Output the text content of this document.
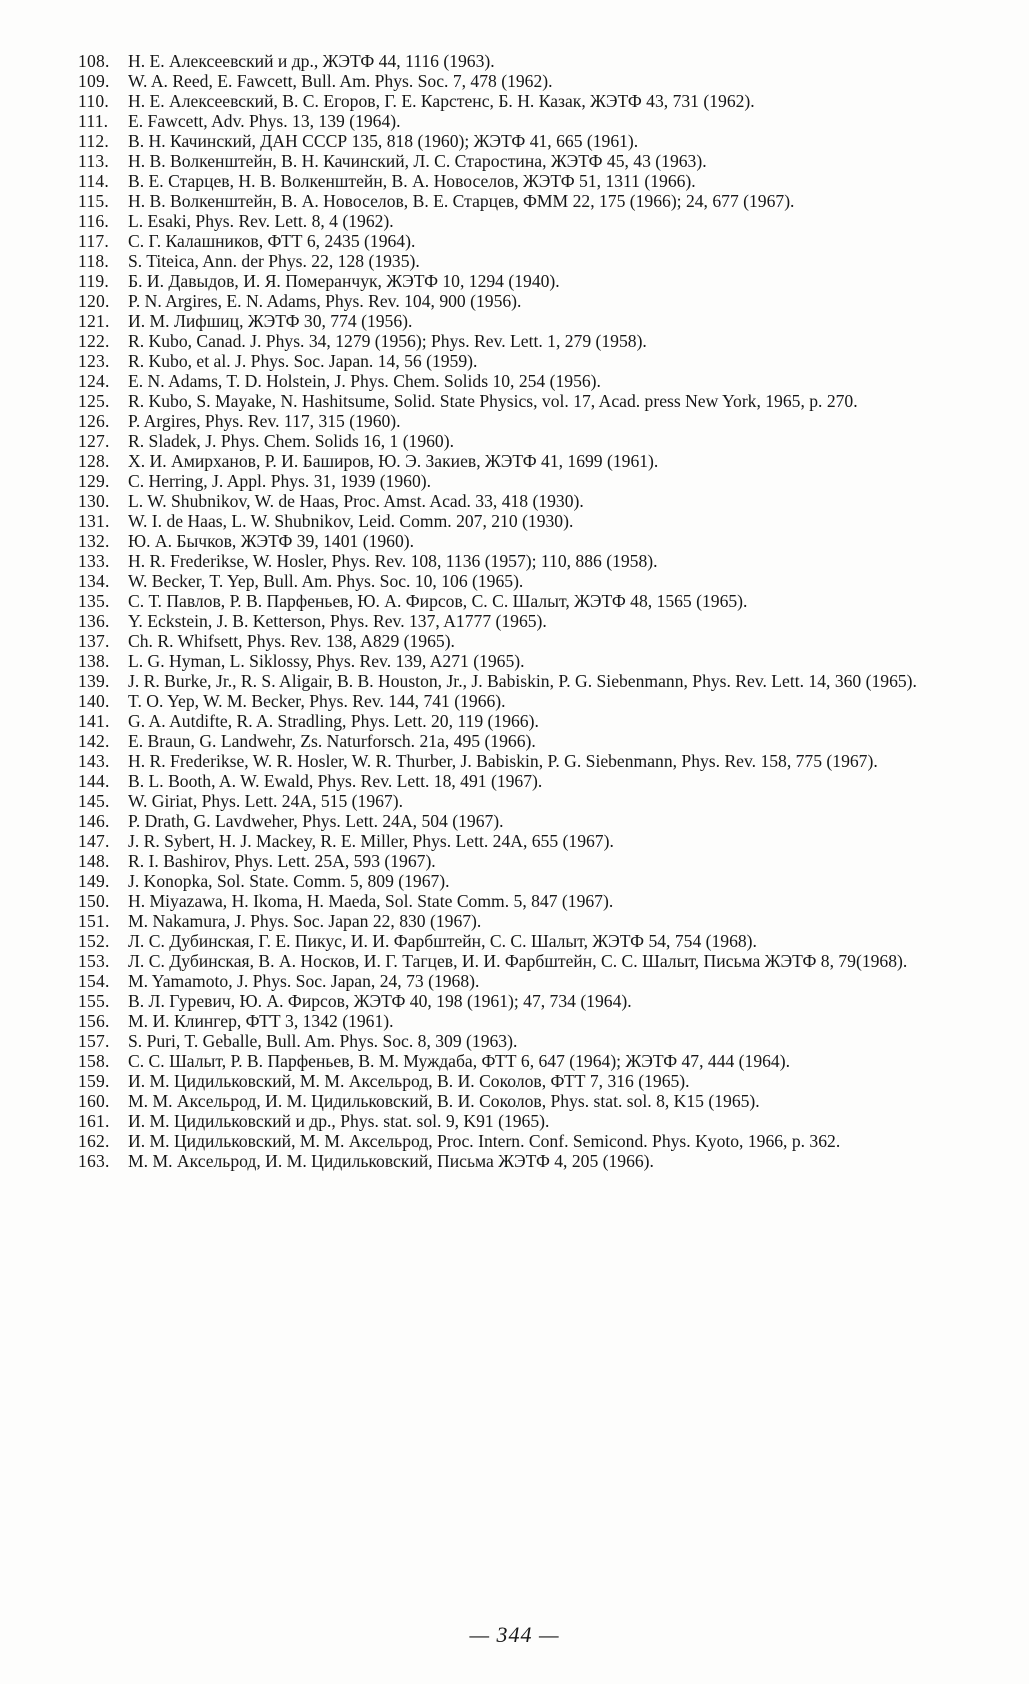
108.	Н. Е. Алексеевский и др., ЖЭТФ 44, 1116 (1963).
109.	W. A. Reed, E. Fawcett, Bull. Am. Phys. Soc. 7, 478 (1962).
110.	Н. Е. Алексеевский, В. С. Егоров, Г. Е. Карстенс, Б. Н. Казак, ЖЭТФ 43, 731 (1962).
111.	E. Fawcett, Adv. Phys. 13, 139 (1964).
112.	В. Н. Качинский, ДАН СССР 135, 818 (1960); ЖЭТФ 41, 665 (1961).
113.	Н. В. Волкенштейн, В. Н. Качинский, Л. С. Старостина, ЖЭТФ 45, 43 (1963).
114.	В. Е. Старцев, Н. В. Волкенштейн, В. А. Новоселов, ЖЭТФ 51, 1311 (1966).
115.	Н. В. Волкенштейн, В. А. Новоселов, В. Е. Старцев, ФММ 22, 175 (1966); 24, 677 (1967).
116.	L. Esaki, Phys. Rev. Lett. 8, 4 (1962).
117.	С. Г. Калашников, ФТТ 6, 2435 (1964).
118.	S. Titeica, Ann. der Phys. 22, 128 (1935).
119.	Б. И. Давыдов, И. Я. Померанчук, ЖЭТФ 10, 1294 (1940).
120.	P. N. Argires, E. N. Adams, Phys. Rev. 104, 900 (1956).
121.	И. М. Лифшиц, ЖЭТФ 30, 774 (1956).
122.	R. Kubo, Canad. J. Phys. 34, 1279 (1956); Phys. Rev. Lett. 1, 279 (1958).
123.	R. Kubo, et al. J. Phys. Soc. Japan. 14, 56 (1959).
124.	E. N. Adams, T. D. Holstein, J. Phys. Chem. Solids 10, 254 (1956).
125.	R. Kubo, S. Mayake, N. Hashitsume, Solid. State Physics, vol. 17, Acad. press New York, 1965, p. 270.
126.	P. Argires, Phys. Rev. 117, 315 (1960).
127.	R. Sladek, J. Phys. Chem. Solids 16, 1 (1960).
128.	Х. И. Амирханов, Р. И. Баширов, Ю. Э. Закиев, ЖЭТФ 41, 1699 (1961).
129.	C. Herring, J. Appl. Phys. 31, 1939 (1960).
130.	L. W. Shubnikov, W. de Haas, Proc. Amst. Acad. 33, 418 (1930).
131.	W. I. de Haas, L. W. Shubnikov, Leid. Comm. 207, 210 (1930).
132.	Ю. А. Бычков, ЖЭТФ 39, 1401 (1960).
133.	H. R. Frederikse, W. Hosler, Phys. Rev. 108, 1136 (1957); 110, 886 (1958).
134.	W. Becker, T. Yep, Bull. Am. Phys. Soc. 10, 106 (1965).
135.	С. Т. Павлов, Р. В. Парфеньев, Ю. А. Фирсов, С. С. Шалыт, ЖЭТФ 48, 1565 (1965).
136.	Y. Eckstein, J. B. Ketterson, Phys. Rev. 137, A1777 (1965).
137.	Ch. R. Whifsett, Phys. Rev. 138, A829 (1965).
138.	L. G. Hyman, L. Siklossy, Phys. Rev. 139, A271 (1965).
139.	J. R. Burke, Jr., R. S. Aligair, B. B. Houston, Jr., J. Babiskin, P. G. Siebenmann, Phys. Rev. Lett. 14, 360 (1965).
140.	T. O. Yep, W. M. Becker, Phys. Rev. 144, 741 (1966).
141.	G. A. Autdifte, R. A. Stradling, Phys. Lett. 20, 119 (1966).
142.	E. Braun, G. Landwehr, Zs. Naturforsch. 21a, 495 (1966).
143.	H. R. Frederikse, W. R. Hosler, W. R. Thurber, J. Babiskin, P. G. Siebenmann, Phys. Rev. 158, 775 (1967).
144.	B. L. Booth, A. W. Ewald, Phys. Rev. Lett. 18, 491 (1967).
145.	W. Giriat, Phys. Lett. 24A, 515 (1967).
146.	P. Drath, G. Lavdweher, Phys. Lett. 24A, 504 (1967).
147.	J. R. Sybert, H. J. Mackey, R. E. Miller, Phys. Lett. 24A, 655 (1967).
148.	R. I. Bashirov, Phys. Lett. 25A, 593 (1967).
149.	J. Konopka, Sol. State. Comm. 5, 809 (1967).
150.	H. Miyazawa, H. Ikoma, H. Maeda, Sol. State Comm. 5, 847 (1967).
151.	M. Nakamura, J. Phys. Soc. Japan 22, 830 (1967).
152.	Л. С. Дубинская, Г. Е. Пикус, И. И. Фарбштейн, С. С. Шалыт, ЖЭТФ 54, 754 (1968).
153.	Л. С. Дубинская, В. А. Носков, И. Г. Тагцев, И. И. Фарбштейн, С. С. Шалыт, Письма ЖЭТФ 8, 79(1968).
154.	M. Yamamoto, J. Phys. Soc. Japan, 24, 73 (1968).
155.	В. Л. Гуревич, Ю. А. Фирсов, ЖЭТФ 40, 198 (1961); 47, 734 (1964).
156.	М. И. Клингер, ФТТ 3, 1342 (1961).
157.	S. Puri, T. Geballe, Bull. Am. Phys. Soc. 8, 309 (1963).
158.	С. С. Шалыт, Р. В. Парфеньев, В. М. Муждаба, ФТТ 6, 647 (1964); ЖЭТФ 47, 444 (1964).
159.	И. М. Цидильковский, М. М. Аксельрод, В. И. Соколов, ФТТ 7, 316 (1965).
160.	М. М. Аксельрод, И. М. Цидильковский, В. И. Соколов, Phys. stat. sol. 8, K15 (1965).
161.	И. М. Цидильковский и др., Phys. stat. sol. 9, K91 (1965).
162.	И. М. Цидильковский, М. М. Аксельрод, Proc. Intern. Conf. Semicond. Phys. Kyoto, 1966, p. 362.
163.	М. М. Аксельрод, И. М. Цидильковский, Письма ЖЭТФ 4, 205 (1966).
— 344 —
